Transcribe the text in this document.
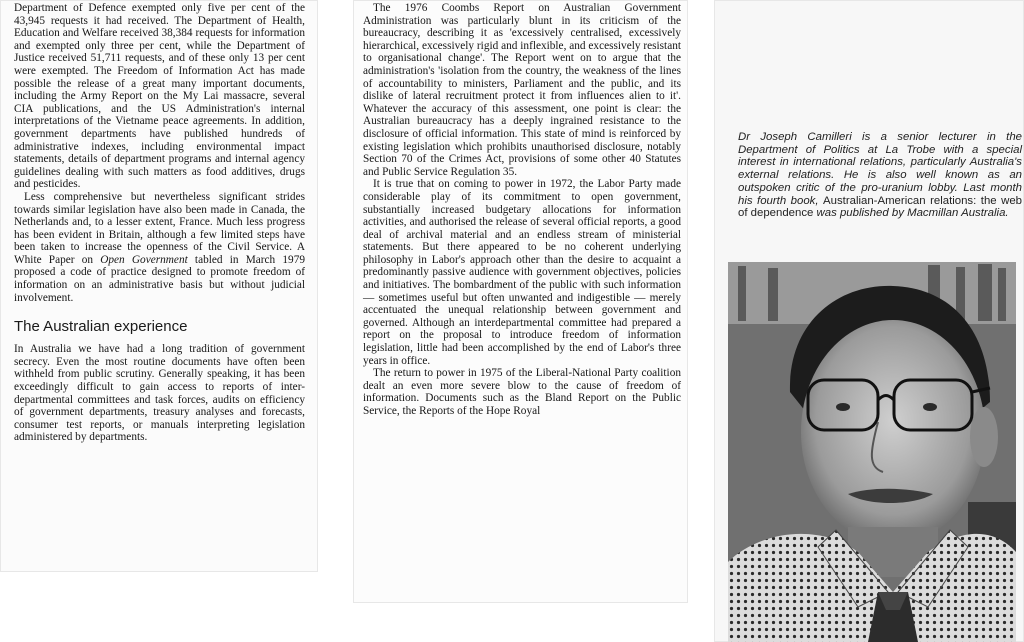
Department of Defence exempted only five per cent of the 43,945 requests it had received. The Department of Health, Education and Welfare received 38,384 requests for information and exempted only three per cent, while the Department of Justice received 51,711 requests, and of these only 13 per cent were exempted. The Freedom of Information Act has made possible the release of a great many important documents, including the Army Report on the My Lai massacre, several CIA publications, and the US Administration's internal interpretations of the Vietname peace agreements. In addition, government departments have published hundreds of administrative indexes, including environmental impact statements, details of department programs and internal agency guidelines dealing with such matters as food additives, drugs and pesticides.

Less comprehensive but nevertheless significant strides towards similar legislation have also been made in Canada, the Netherlands and, to a lesser extent, France. Much less progress has been evident in Britain, although a few limited steps have been taken to increase the openness of the Civil Service. A White Paper on Open Government tabled in March 1979 proposed a code of practice designed to promote freedom of information on an administrative basis but without judicial involvement.

The Australian experience

In Australia we have had a long tradition of government secrecy. Even the most routine documents have often been withheld from public scrutiny. Generally speaking, it has been exceedingly difficult to gain access to reports of inter-departmental committees and task forces, audits on efficiency of government departments, treasury analyses and forecasts, consumer test reports, or manuals interpreting legislation administered by departments.

The 1976 Coombs Report on Australian Government Administration was particularly blunt in its criticism of the bureaucracy, describing it as 'excessively centralised, excessively hierarchical, excessively rigid and inflexible, and excessively resistant to organisational change'. The Report went on to argue that the administration's 'isolation from the country, the weakness of the lines of accountability to ministers, Parliament and the public, and its dislike of lateral recruitment protect it from influences alien to it'. Whatever the accuracy of this assessment, one point is clear: the Australian bureaucracy has a deeply ingrained resistance to the disclosure of official information. This state of mind is reinforced by existing legislation which prohibits unauthorised disclosure, notably Section 70 of the Crimes Act, provisions of some other 40 Statutes and Public Service Regulation 35.

It is true that on coming to power in 1972, the Labor Party made considerable play of its commitment to open government, substantially increased budgetary allocations for information activities, and authorised the release of several official reports, a good deal of archival material and an endless stream of ministerial statements. But there appeared to be no coherent underlying philosophy in Labor's approach other than the desire to acquaint a predominantly passive audience with government objectives, policies and initiatives. The bombardment of the public with such information — sometimes useful but often unwanted and indigestible — merely accentuated the unequal relationship between government and governed. Although an interdepartmental committee had prepared a report on the proposal to introduce freedom of information legislation, little had been accomplished by the end of Labor's three years in office.

The return to power in 1975 of the Liberal-National Party coalition dealt an even more severe blow to the cause of freedom of information. Documents such as the Bland Report on the Public Service, the Reports of the Hope Royal

Dr Joseph Camilleri is a senior lecturer in the Department of Politics at La Trobe with a special interest in international relations, particularly Australia's external relations. He is also well known as an outspoken critic of the pro-uranium lobby. Last month his fourth book, Australian-American relations: the web of dependence was published by Macmillan Australia.
